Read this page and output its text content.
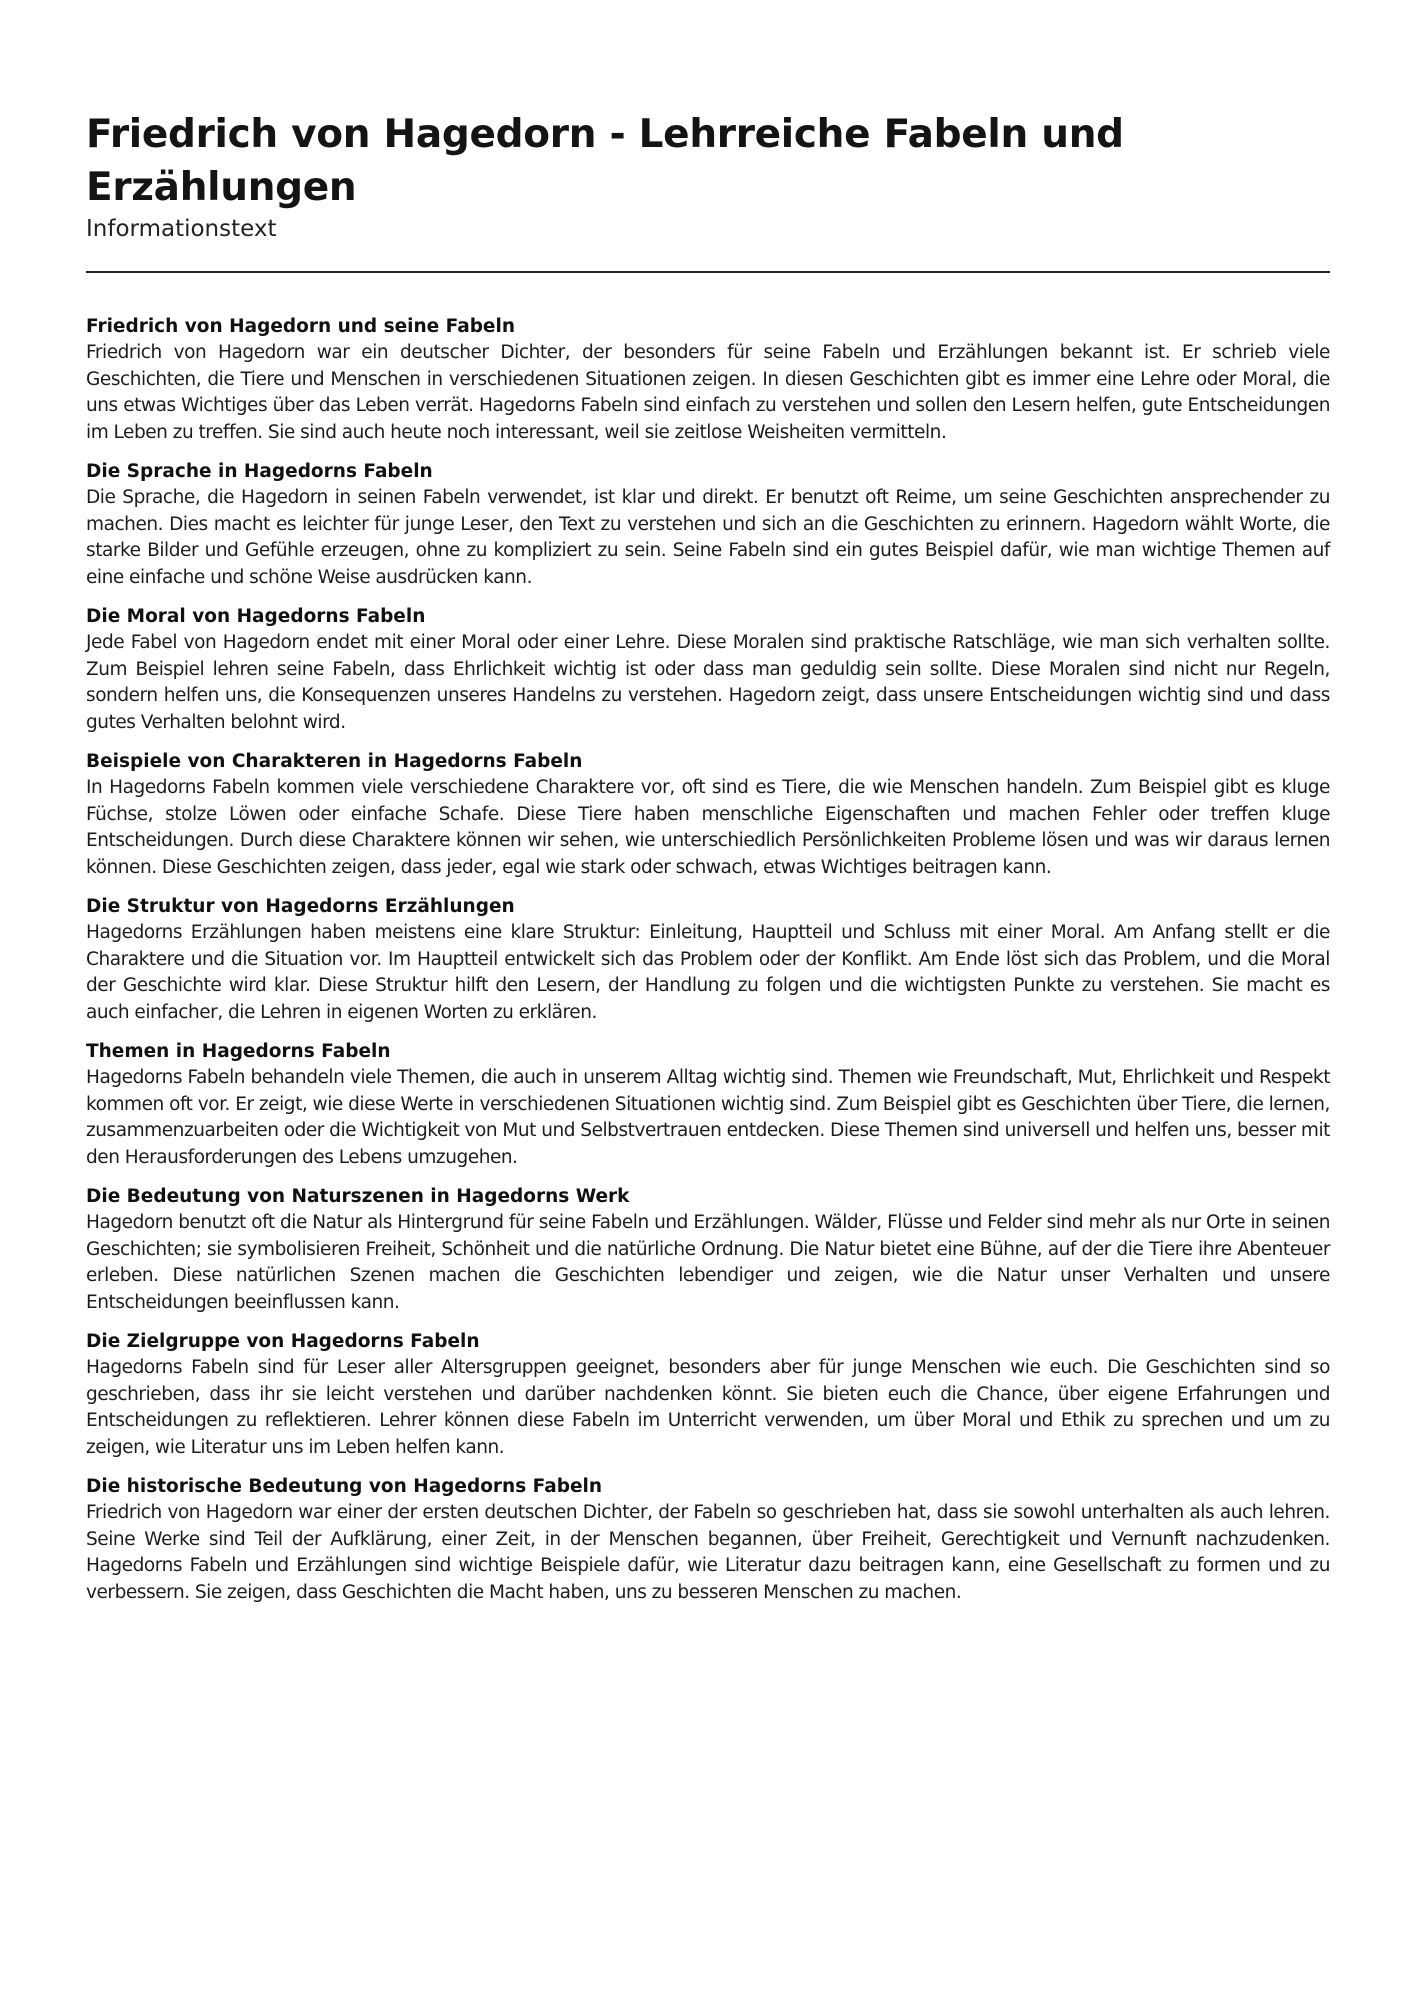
Friedrich von Hagedorn - Lehrreiche Fabeln und Erzählungen

Informationstext

Friedrich von Hagedorn und seine Fabeln

Friedrich von Hagedorn war ein deutscher Dichter, der besonders für seine Fabeln und Erzählungen bekannt ist. Er schrieb viele Geschichten, die Tiere und Menschen in verschiedenen Situationen zeigen. In diesen Geschichten gibt es immer eine Lehre oder Moral, die uns etwas Wichtiges über das Leben verrät. Hagedorns Fabeln sind einfach zu verstehen und sollen den Lesern helfen, gute Entscheidungen im Leben zu treffen. Sie sind auch heute noch interessant, weil sie zeitlose Weisheiten vermitteln.

Die Sprache in Hagedorns Fabeln

Die Sprache, die Hagedorn in seinen Fabeln verwendet, ist klar und direkt. Er benutzt oft Reime, um seine Geschichten ansprechender zu machen. Dies macht es leichter für junge Leser, den Text zu verstehen und sich an die Geschichten zu erinnern. Hagedorn wählt Worte, die starke Bilder und Gefühle erzeugen, ohne zu kompliziert zu sein. Seine Fabeln sind ein gutes Beispiel dafür, wie man wichtige Themen auf eine einfache und schöne Weise ausdrücken kann.

Die Moral von Hagedorns Fabeln

Jede Fabel von Hagedorn endet mit einer Moral oder einer Lehre. Diese Moralen sind praktische Ratschläge, wie man sich verhalten sollte. Zum Beispiel lehren seine Fabeln, dass Ehrlichkeit wichtig ist oder dass man geduldig sein sollte. Diese Moralen sind nicht nur Regeln, sondern helfen uns, die Konsequenzen unseres Handelns zu verstehen. Hagedorn zeigt, dass unsere Entscheidungen wichtig sind und dass gutes Verhalten belohnt wird.

Beispiele von Charakteren in Hagedorns Fabeln

In Hagedorns Fabeln kommen viele verschiedene Charaktere vor, oft sind es Tiere, die wie Menschen handeln. Zum Beispiel gibt es kluge Füchse, stolze Löwen oder einfache Schafe. Diese Tiere haben menschliche Eigenschaften und machen Fehler oder treffen kluge Entscheidungen. Durch diese Charaktere können wir sehen, wie unterschiedlich Persönlichkeiten Probleme lösen und was wir daraus lernen können. Diese Geschichten zeigen, dass jeder, egal wie stark oder schwach, etwas Wichtiges beitragen kann.

Die Struktur von Hagedorns Erzählungen

Hagedorns Erzählungen haben meistens eine klare Struktur: Einleitung, Hauptteil und Schluss mit einer Moral. Am Anfang stellt er die Charaktere und die Situation vor. Im Hauptteil entwickelt sich das Problem oder der Konflikt. Am Ende löst sich das Problem, und die Moral der Geschichte wird klar. Diese Struktur hilft den Lesern, der Handlung zu folgen und die wichtigsten Punkte zu verstehen. Sie macht es auch einfacher, die Lehren in eigenen Worten zu erklären.

Themen in Hagedorns Fabeln

Hagedorns Fabeln behandeln viele Themen, die auch in unserem Alltag wichtig sind. Themen wie Freundschaft, Mut, Ehrlichkeit und Respekt kommen oft vor. Er zeigt, wie diese Werte in verschiedenen Situationen wichtig sind. Zum Beispiel gibt es Geschichten über Tiere, die lernen, zusammenzuarbeiten oder die Wichtigkeit von Mut und Selbstvertrauen entdecken. Diese Themen sind universell und helfen uns, besser mit den Herausforderungen des Lebens umzugehen.

Die Bedeutung von Naturszenen in Hagedorns Werk

Hagedorn benutzt oft die Natur als Hintergrund für seine Fabeln und Erzählungen. Wälder, Flüsse und Felder sind mehr als nur Orte in seinen Geschichten; sie symbolisieren Freiheit, Schönheit und die natürliche Ordnung. Die Natur bietet eine Bühne, auf der die Tiere ihre Abenteuer erleben. Diese natürlichen Szenen machen die Geschichten lebendiger und zeigen, wie die Natur unser Verhalten und unsere Entscheidungen beeinflussen kann.

Die Zielgruppe von Hagedorns Fabeln

Hagedorns Fabeln sind für Leser aller Altersgruppen geeignet, besonders aber für junge Menschen wie euch. Die Geschichten sind so geschrieben, dass ihr sie leicht verstehen und darüber nachdenken könnt. Sie bieten euch die Chance, über eigene Erfahrungen und Entscheidungen zu reflektieren. Lehrer können diese Fabeln im Unterricht verwenden, um über Moral und Ethik zu sprechen und um zu zeigen, wie Literatur uns im Leben helfen kann.

Die historische Bedeutung von Hagedorns Fabeln

Friedrich von Hagedorn war einer der ersten deutschen Dichter, der Fabeln so geschrieben hat, dass sie sowohl unterhalten als auch lehren. Seine Werke sind Teil der Aufklärung, einer Zeit, in der Menschen begannen, über Freiheit, Gerechtigkeit und Vernunft nachzudenken. Hagedorns Fabeln und Erzählungen sind wichtige Beispiele dafür, wie Literatur dazu beitragen kann, eine Gesellschaft zu formen und zu verbessern. Sie zeigen, dass Geschichten die Macht haben, uns zu besseren Menschen zu machen.
